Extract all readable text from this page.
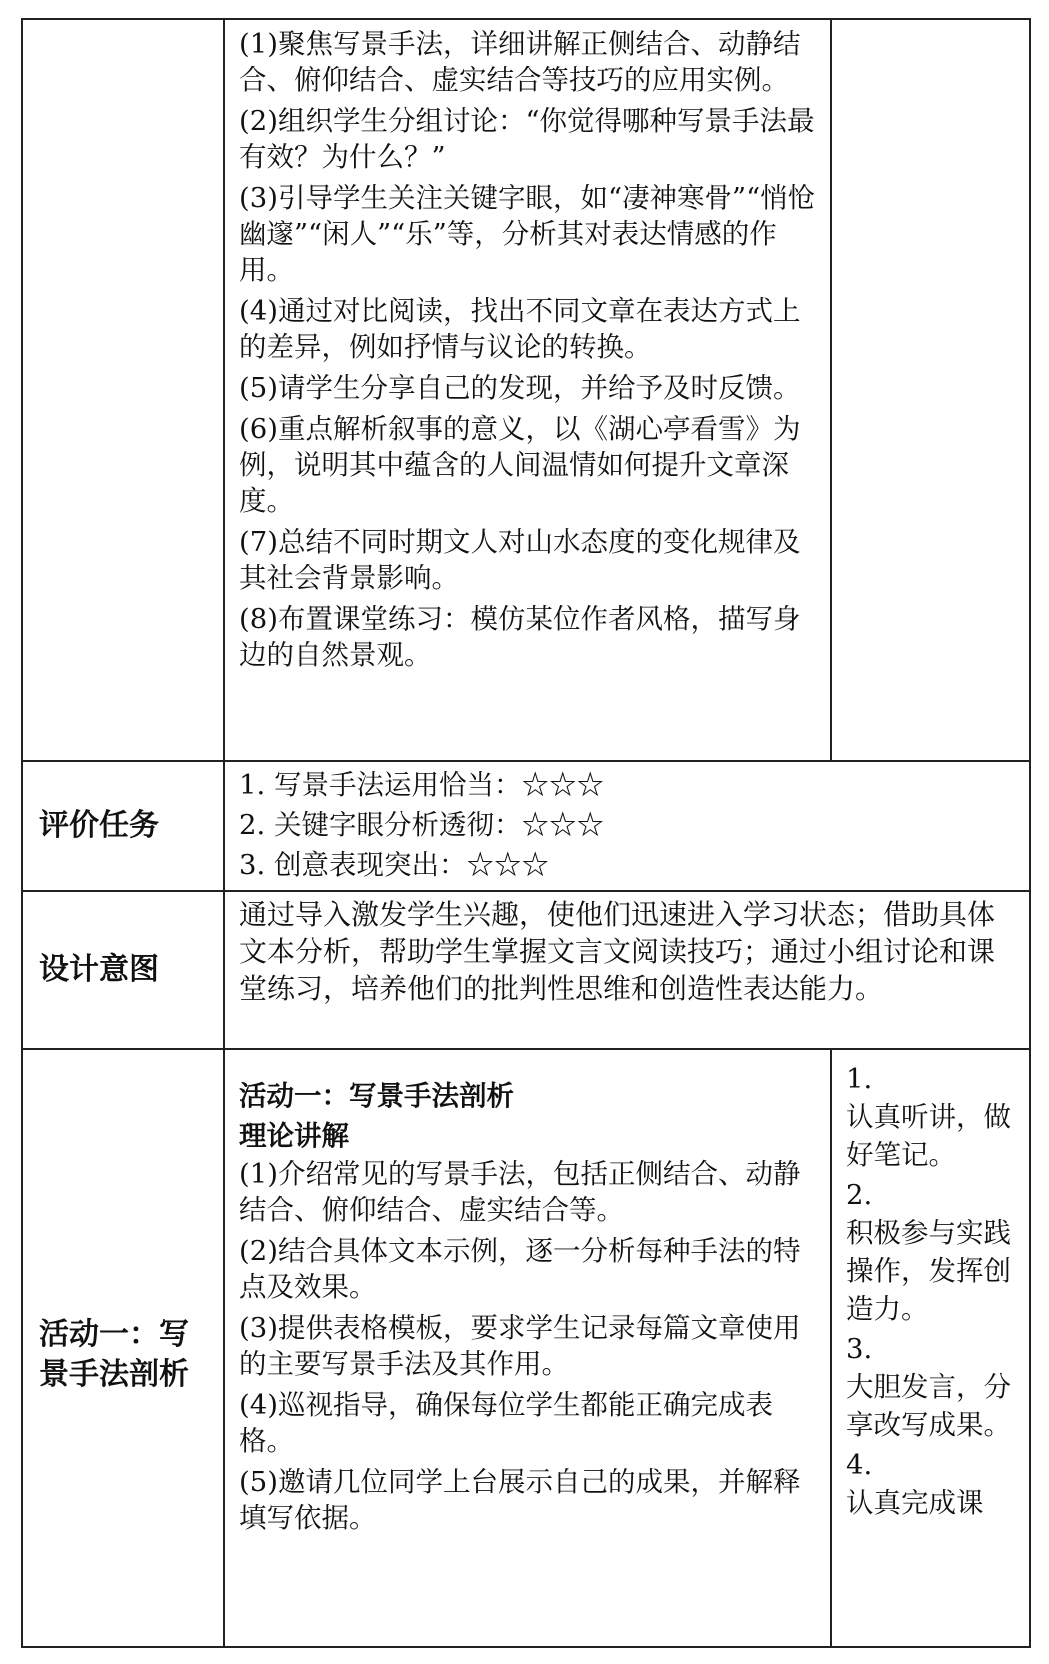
(1)聚焦写景手法，详细讲解正侧结合、动静结合、俯仰结合、虚实结合等技巧的应用实例。

(2)组织学生分组讨论：“你觉得哪种写景手法最有效？为什么？”

(3)引导学生关注关键字眼，如“凄神寒骨”“悄怆幽邃”“闲人”“乐”等，分析其对表达情感的作用。

(4)通过对比阅读，找出不同文章在表达方式上的差异，例如抒情与议论的转换。

(5)请学生分享自己的发现，并给予及时反馈。

(6)重点解析叙事的意义，以《湖心亭看雪》为例，说明其中蕴含的人间温情如何提升文章深度。

(7)总结不同时期文人对山水态度的变化规律及其社会背景影响。

(8)布置课堂练习：模仿某位作者风格，描写身边的自然景观。

评价任务

1. 写景手法运用恰当：☆☆☆

2. 关键字眼分析透彻：☆☆☆

3. 创意表现突出：☆☆☆

设计意图

通过导入激发学生兴趣，使他们迅速进入学习状态；借助具体文本分析，帮助学生掌握文言文阅读技巧；通过小组讨论和课堂练习，培养他们的批判性思维和创造性表达能力。

活动一：写景手法剖析
活动一：写景手法剖析
理论讲解

(1)介绍常见的写景手法，包括正侧结合、动静结合、俯仰结合、虚实结合等。

(2)结合具体文本示例，逐一分析每种手法的特点及效果。

(3)提供表格模板，要求学生记录每篇文章使用的主要写景手法及其作用。

(4)巡视指导，确保每位学生都能正确完成表格。

(5)邀请几位同学上台展示自己的成果，并解释填写依据。

1.
认真听讲，做好笔记。
2.
积极参与实践操作，发挥创造力。
3.
大胆发言，分享改写成果。
4.
认真完成课
